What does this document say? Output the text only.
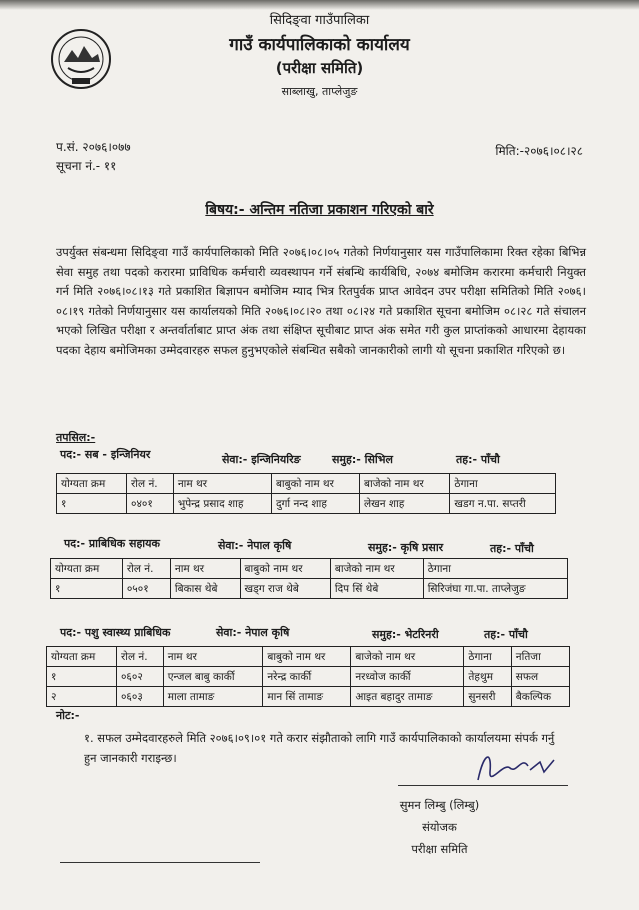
सिदिङ्वा गाउँपालिका
गाउँ कार्यपालिकाको कार्यालय
(परीक्षा समिति)
साब्लाखु, ताप्लेजुङ
प.सं. २०७६।०७७
सूचना नं.- ११
मिति:-२०७६।०८।२८
बिषय:- अन्तिम नतिजा प्रकाशन गरिएको बारे
उपर्युक्त संबन्धमा सिदिङ्वा गाउँ कार्यपालिकाको मिति २०७६।०८।०५ गतेको निर्णयानुसार यस गाउँपालिकामा रिक्त रहेका बिभिन्न सेवा समुह तथा पदको करारमा प्राविधिक कर्मचारी व्यवस्थापन गर्ने संबन्धि कार्यबिधि, २०७४ बमोजिम करारमा कर्मचारी नियुक्त गर्न मिति २०७६।०८।१३ गते प्रकाशित बिज्ञापन बमोजिम म्याद भित्र रितपुर्वक प्राप्त आवेदन उपर परीक्षा समितिको मिति २०७६।०८।१९ गतेको निर्णयानुसार यस कार्यालयको मिति २०७६।०८।२० तथा ०८।२४ गते प्रकाशित सूचना बमोजिम ०८।२८ गते संचालन भएको लिखित परीक्षा र अन्तर्वार्ताबाट प्राप्त अंक तथा संक्षिप्त सूचीबाट प्राप्त अंक समेत गरी कुल प्राप्तांकको आधारमा देहायका पदका देहाय बमोजिमका उम्मेदवारहरु सफल हुनुभएकोले संबन्धित सबैको जानकारीको लागी यो सूचना प्रकाशित गरिएको छ।
तपसिल:-
पद:- सब - इन्जिनियर	सेवा:- इन्जिनियरिङ	समुह:- सिभिल	तह:- पाँचौ
योग्यता क्रम	रोल नं.	नाम थर	बाबुको नाम थर	बाजेको नाम थर	ठेगाना
१	०४०१	भुपेन्द्र प्रसाद शाह	दुर्गा नन्द शाह	लेखन शाह	खडग न.पा. सप्तरी
पद:- प्राबिधिक सहायक	सेवा:- नेपाल कृषि	समुह:- कृषि प्रसार	तह:- पाँचौ
योग्यता क्रम	रोल नं.	नाम थर	बाबुको नाम थर	बाजेको नाम थर	ठेगाना
१	०५०१	बिकास थेबे	खड्ग राज थेबे	दिप सिं थेबे	सिरिजंघा गा.पा. ताप्लेजुङ
पद:- पशु स्वास्थ्य प्राबिधिक	सेवा:- नेपाल कृषि	समुह:- भेटरिनरी	तह:- पाँचौ
योग्यता क्रम	रोल नं.	नाम थर	बाबुको नाम थर	बाजेको नाम थर	ठेगाना	नतिजा
१	०६०२	एन्जल बाबु कार्की	नरेन्द्र कार्की	नरध्वोज कार्की	तेहथुम	सफल
२	०६०३	माला तामाङ	मान सिं तामाङ	आइत बहादुर तामाङ	सुनसरी	बैकल्पिक
नोट:-
१. सफल उम्मेदवारहरुले मिति २०७६।०९।०१ गते करार संझौताको लागि गाउँ कार्यपालिकाको कार्यालयमा संपर्क गर्नु हुन जानकारी गराइन्छ।
सुमन लिम्बु (लिम्बु)
संयोजक
परीक्षा समिति
